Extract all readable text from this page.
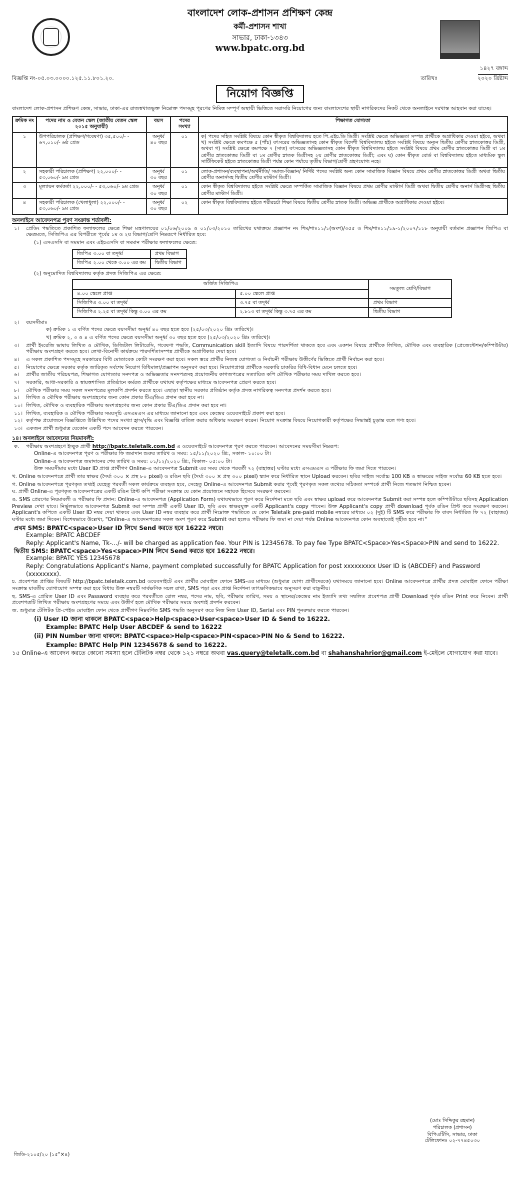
বাংলাদেশ লোক-প্রশাসন প্রশিক্ষণ কেন্দ্র
কর্মী-প্রশাসন শাখা
সাভার, ঢাকা-১৩৪৩
www.bpatc.org.bd
বিজ্ঞপ্তি নং-০৫.০৩.০০০০.১২৫.১১.৮০১.২০.	তারিখঃ
১৪২৭ বঙ্গাব্দ
২০২০ খ্রিষ্টাব্দ
নিয়োগ বিজ্ঞপ্তি

বাংলাদেশ লোক-প্রশাসন প্রশিক্ষণ কেন্দ্র, সাভার, ঢাকা-এর রাজস্বখাতভুক্ত নিম্নোক্ত পদসমূহ পূরণের নিমিত্ত সম্পূর্ণ অস্থায়ী ভিত্তিতে সরাসরি নিয়োগের জন্য বাংলাদেশের স্থায়ী নাগরিকদের নিকট থেকে অনলাইনে দরখাস্ত আহবান করা যাচ্ছে।

ক্রমিক নং	পদের নাম ও বেতন স্কেল (জাতীয় বেতন স্কেল ২০১৫ অনুযায়ী)	বয়স	পদের সংখ্যা	শিক্ষাগত যোগ্যতা
১	উপপরিচালক (প্রশিক্ষণ/গবেষণা) ৩৫,৫০০/- - ৬৭,০১০/- ৬ষ্ঠ গ্রেড	অনূর্ধ্ব ৪০ বছর	০১	ক) পদের সহিত সংশ্লিষ্ট বিষয়ে কোন স্বীকৃত বিশ্ববিদ্যালয় হতে পি.এইচ.ডি ডিগ্রী। সংশ্লিষ্ট ক্ষেত্রে অভিজ্ঞতা সম্পন্ন প্রার্থীকে অগ্রাধিকার দেওয়া হইবে, অথবা খ) সংশ্লিষ্ট ক্ষেত্রে কমপক্ষে ৫ (পাঁচ) বৎসরের অভিজ্ঞতাসহ কোন স্বীকৃত বিদেশী বিশ্ববিদ্যালয় হইতে সংশ্লিষ্ট বিষয়ে অন্যূন দ্বিতীয় শ্রেণীর স্নাতকোত্তর ডিগ্রী, অথবা গ) সংশ্লিষ্ট ক্ষেত্রে কমপক্ষে ৭ (সাত) বৎসরের অভিজ্ঞতাসহ কোন স্বীকৃত বিশ্ববিদ্যালয় হইতে সংশ্লিষ্ট বিষয়ে প্রথম শ্রেণীর স্নাতকোত্তর ডিগ্রী বা ১ম শ্রেণীর স্নাতকোত্তর ডিগ্রী বা ১ম শ্রেণীর স্নাতক ডিগ্রীসহ ২য় শ্রেণীর স্নাতকোত্তর ডিগ্রী; এবং ঘ) কোন স্বীকৃত বোর্ড বা বিশ্ববিদ্যালয় হইতে মাধ্যমিক স্কুল সার্টিফিকেট হইতে স্নাতকোত্তর ডিগ্রী পর্যন্ত কোন পর্যায়ে তৃতীয় বিভাগ/শ্রেণী গ্রহণযোগ্য নহে।
২	সহকারী পরিচালক (প্রশিক্ষণ) ২২,০০০/- - ৫৩,০৬০/- ৯ম গ্রেড	অনূর্ধ্ব ৩০ বছর	০১	লোক-প্রশাসন/ব্যবস্থাপনা/অর্থনীতি/ সমাজ-বিজ্ঞান/ নির্দিষ্ট পদের সংশ্লিষ্ট অন্য কোন সামাজিক বিজ্ঞান বিষয়ে প্রথম শ্রেণীর স্নাতকোত্তর ডিগ্রী অথবা দ্বিতীয় শ্রেণীর অনার্সসহ দ্বিতীয় শ্রেণীর মাস্টার্স ডিগ্রী।
৩	মূল্যায়ন কর্মকর্তা ২২,০০০/- - ৫৩,০৬০/- ৯ম গ্রেড	অনূর্ধ্ব ৩০ বছর	০১	কোন স্বীকৃত বিশ্ববিদ্যালয় হইতে সংশ্লিষ্ট ক্ষেত্রে সম্পর্কিত সামাজিক বিজ্ঞান বিষয়ে প্রথম শ্রেণীর মাস্টার্স ডিগ্রী অথবা দ্বিতীয় শ্রেণীর অনার্স ডিগ্রীসহ দ্বিতীয় শ্রেণীর মাস্টার্স ডিগ্রী।
৪	সহকারী পরিচালক (খেলাধুলা) ২২,০০০/- - ৫৩,০৬০/- ৯ম গ্রেড	অনূর্ধ্ব ৩০ বছর	০২	কোন স্বীকৃত বিশ্ববিদ্যালয় হইতে শরীরচর্চা শিক্ষা বিষয়ে দ্বিতীয় শ্রেণীর স্নাতক ডিগ্রী। অভিজ্ঞ প্রার্থীকে অগ্রাধিকার দেওয়া হইবে।
অনলাইনে আবেদনপত্র পূরণ সংক্রান্ত শর্তাবলী:
১।	প্রেডিং পদ্ধতিতে প্রকাশিত ফলাফলের ক্ষেত্রে শিক্ষা মন্ত্রণালয়ের ০১/০৬/২০০৯ ও ০১/০৩/২০১০ তারিখের যথাক্রমে প্রজ্ঞাপন নং শিম/শাঃ১১/১(অংশ)/৩৫৫ ও শিম/শাঃ১১/১৯-১/২০০৭/১১৮ অনুযায়ী বর্তমান প্রজ্ঞাপন জিপিএ বা ক্ষেত্রমতে, সিজিপিএ এর বিপরীতে পূর্বের ১ম ও ২য় বিভাগ/শ্রেণি নিম্নরূপে নির্ধারিত হবে:
(১) এসএসসি বা সমমান এবং এইচএসসি বা সমমান পরীক্ষার ফলাফলের ক্ষেত্রে:
জিপিএ ৩.০০ বা তদূর্ধ্ব	প্রথম বিভাগ
জিপিএ ২.০০ থেকে ৩.০০ এর কম	দ্বিতীয় বিভাগ
(২) অনুমোদিত বিশ্ববিদ্যালয় কর্তৃক প্রদত্ত সিজিপিএ এর ক্ষেত্রে:
অর্জিত সিজিপিএ		সমতুল্য শ্রেণি/বিভাগ
৪.০০ স্কেলে প্রাপ্ত	৫.০০ স্কেলে প্রাপ্ত	
সিজিপিএ ৩.০০ বা তদূর্ধ্ব	৩.৭৫ বা তদূর্ধ্ব	প্রথম বিভাগ
সিজিপিএ ২.২৫ বা তদূর্ধ্ব কিন্তু ৩.০০ এর কম	২.৮১৩ বা তদূর্ধ্ব কিন্তু ৩.৭৫ এর কম	দ্বিতীয় বিভাগ
২।	বয়সসীমাঃ
ক) ক্রমিক ১ এ বর্ণিত পদের ক্ষেত্রে বয়সসীমা অনূর্ধ্ব ৪০ বছর হতে হবে (২৫/০৩/২০২০ খ্রিঃ তারিখে)।
খ) ক্রমিক ২, ৩ ও ৪ এ বর্ণিত পদের ক্ষেত্রে বয়সসীমা অনূর্ধ্ব ৩০ বছর হতে হবে (২৫/০৩/২০২০ খ্রিঃ তারিখে)।
৩।	প্রার্থী ইংরেজি ভাষায় লিখিত ও মৌখিক, ডিজিটাল লিটারেসি, গবেষণা পদ্ধতি, Communication skill ইত্যাদি বিষয়ে পারদর্শিতা থাকতে হবে এবং একশন বিষয়ে প্রার্থীকে লিখিত, মৌখিক এবং ব্যবহারিক (প্রেজেন্টেশন/কম্পিউটার) পরীক্ষায় অংশগ্রহণ করতে হবে। লেখা-বিনোদী কার্যক্রমে পারদর্শিতাসম্পন্ন প্রার্থীকে অগ্রাধিকার দেয়া হবে।
৪।	এ সকল প্রকাশিত পদসমূহে সরকারের বিধি মোতাবেক কোটা সংরক্ষণ করা হবে। সকল স্তরে প্রার্থীর নিজস্ব যোগ্যতা ও নির্বাচনী পরীক্ষায় উত্তীর্ণের ভিত্তিতে প্রার্থী নির্বাচন করা হবে।
৫।	নিয়োগের ক্ষেত্রে সরকার কর্তৃক জারিকৃত সর্বশেষ নিয়োগ বিধিমালা/প্রজ্ঞাপন অনুসরণ করা হবে। নিয়োগপ্রাপ্ত প্রার্থীকে সরকারি চাকরির বিধি-বিধান মেনে চলতে হবে।
৬।	প্রার্থীর জাতীয় পরিচয়পত্র, শিক্ষাগত যোগ্যতার সনদপত্র ও অভিজ্ঞতার সনদপত্রসহ প্রয়োজনীয় কাগজপত্রের সত্যায়িত কপি মৌখিক পরীক্ষার সময় দাখিল করতে হবে।
৭।	সরকারি, আধা-সরকারি ও স্বায়ত্তশাসিত প্রতিষ্ঠানে কর্মরত প্রার্থীকে যথাযথ কর্তৃপক্ষের মাধ্যমে আবেদনপত্র প্রেরণ করতে হবে।
৮।	মৌখিক পরীক্ষার সময় সকল সনদপত্রের মূলকপি প্রদর্শন করতে হবে। এছাড়া স্থানীয় সরকার প্রতিষ্ঠান কর্তৃক প্রদত্ত নাগরিকত্ব সনদপত্র প্রদর্শন করতে হবে।
৯।	লিখিত ও মৌখিক পরীক্ষায় অংশগ্রহণের জন্য কোন প্রকার টিএ/ডিএ প্রদান করা হবে না।
১০। লিখিত, মৌখিক ও ব্যবহারিক পরীক্ষায় অংশগ্রহণের জন্য কোন প্রকার টিএ/ডিএ প্রদান করা হবে না।
১১। লিখিত, ব্যবহারিক ও মৌখিক পরীক্ষার সময়সূচি এসএমএস এর মাধ্যমে জানানো হবে এবং কেন্দ্রের ওয়েবসাইটে প্রকাশ করা হবে।
১২। কর্তৃপক্ষ প্রয়োজনে বিজ্ঞপ্তিতে উল্লিখিত পদের সংখ্যা হ্রাস/বৃদ্ধি এবং বিজ্ঞপ্তি বাতিল করার অধিকার সংরক্ষণ করেন। নিয়োগ সংক্রান্ত বিষয়ে নিয়োগকারী কর্তৃপক্ষের সিদ্ধান্তই চূড়ান্ত বলে গণ্য হবে।
১৩। একজন প্রার্থী শুধুমাত্র যেকোন একটি পদে আবেদন করতে পারবেন।
১৪। অনলাইনে আবেদনের নিয়মাবলী:
ক.	পরীক্ষায় অংশগ্রহণে ইচ্ছুক প্রার্থী http://bpatc.teletalk.com.bd এ ওয়েবসাইটে আবেদনপত্র পূরণ করতে পারবেন। আবেদনের সময়সীমা নিম্নরূপ:
Online-এ আবেদনপত্র পূরণ ও পরীক্ষার ফি জমাদান শুরুর তারিখ ও সময়: ১৫/১১/২০২০ খ্রি:, সকাল- ১০:০০ টা।
Online-এ আবেদনপত্র জমাদানের শেষ তারিখ ও সময়: ০১/১২/২০২০ খ্রি:, বিকাল- ০৫:০০ টা।
উক্ত সময়সীমার মধ্যে User ID প্রাপ্ত প্রার্থীগণ Online-এ আবেদনপত্র Submit এর সময় থেকে পরবর্তী ৭২ (বাহাত্তর) ঘণ্টার মধ্যে এসএমএস এ পরীক্ষার ফি জমা দিতে পারবেন।
খ. Online আবেদনপত্রে প্রার্থী তার স্বাক্ষর (দৈর্ঘ্য ৩০০ × প্রস্থ ৮০ pixel) ও রঙিন ছবি (দৈর্ঘ্য ৩০০ × প্রস্থ ৩০০ pixel) স্ক্যান করে নির্ধারিত স্থানে Upload করবেন। ছবির সাইজ সর্বোচ্চ 100 KB ও স্বাক্ষরের সাইজ সর্বোচ্চ 60 KB হতে হবে।
গ. Online আবেদনপত্রে পূরণকৃত তথ্যই যেহেতু পরবর্তী সকল কার্যক্রমে ব্যবহৃত হবে, সেহেতু Online-এ আবেদনপত্র Submit করার পূর্বেই পূরণকৃত সকল তথ্যের সঠিকতা সম্পর্কে প্রার্থী নিজে শতভাগ নিশ্চিত হবেন।
ঘ. প্রার্থী Online-এ পূরণকৃত আবেদনপত্রের একটি রঙিন প্রিন্ট কপি পরীক্ষা সংক্রান্ত যে কোন প্রয়োজনে সহায়ক হিসেবে সংরক্ষণ করবেন।
ঙ. SMS প্রেরণের নিয়মাবলী ও পরীক্ষার ফি প্রদান: Online-এ আবেদনপত্র (Application Form) যথাযথভাবে পূরণ করে নির্দেশনা মতে ছবি এবং স্বাক্ষর upload করে আবেদনপত্র Submit করা সম্পন্ন হলে কম্পিউটারে ছবিসহ Application Preview দেখা যাবে। নির্ভুলভাবে আবেদনপত্র Submit করা সম্পন্ন প্রার্থী একটি User ID, ছবি এবং স্বাক্ষরযুক্ত একটি Applicant's copy পাবেন। উক্ত Applicant's copy প্রার্থী download পূর্বক রঙিন প্রিন্ট করে সংরক্ষণ করবেন। Applicant's কপিতে একটি User ID নম্বর দেয়া থাকবে এবং User ID নম্বর ব্যবহার করে প্রার্থী নিম্নোক্ত পদ্ধতিতে যে কোন Teletalk pre-paid mobile নম্বরের মাধ্যমে ০২ (দুই) টি SMS করে পরীক্ষার ফি বাবদ নির্ধারিত ফি ৭২ (বাহাত্তর) ঘণ্টার মধ্যে জমা দিবেন। বিশেষভাবে উল্লেখ্য, "Online-এ আবেদনপত্রের সকল অংশ পূরণ করে Submit করা হলেও পরীক্ষার ফি জমা না দেয়া পর্যন্ত Online আবেদনপত্র কোন অবস্থাতেই গৃহীত হবে না।"
প্রথম SMS: BPATC<space>User ID লিখে Send করতে হবে 16222 নম্বরে।
Example: BPATC ABCDEF
Reply: Applicant's Name, Tk-.../- will be charged as application fee. Your PIN is 12345678. To pay fee Type BPATC<Space>Yes<Space>PIN and send to 16222.
দ্বিতীয় SMS: BPATC<space>Yes<space>PIN লিখে Send করতে হবে 16222 নম্বরে।
Example: BPATC YES 12345678
Reply: Congratulations Applicant's Name, payment completed successfully for BPATC Application for post xxxxxxxxx User ID is (ABCDEF) and Password (xxxxxxxx).
চ. প্রবেশপত্র প্রাপ্তির বিষয়টি http://bpatc.teletalk.com.bd ওয়েবসাইটে এবং প্রার্থীর মোবাইল ফোনে SMS-এর মাধ্যমে (শুধুমাত্র যোগ্য প্রার্থীদেরকে) যথাসময়ে জানানো হবে। Online আবেদনপত্রে প্রার্থীর প্রদত্ত মোবাইল ফোনে পরীক্ষা সংক্রান্ত যাবতীয় যোগাযোগ সম্পন্ন করা হবে বিধায় উক্ত নম্বরটি সার্বক্ষণিক সচল রাখা, SMS পড়া এবং প্রাপ্ত নির্দেশনা তাৎক্ষণিকভাবে অনুসরণ করা বাঞ্ছনীয়।
ছ. SMS-এ প্রেরিত User ID এবং Password ব্যবহার করে পরবর্তীতে রোল নম্বর, পদের নাম, ছবি, পরীক্ষার তারিখ, সময় ও স্থানের/কেন্দ্রের নাম ইত্যাদি তথ্য সম্বলিত প্রবেশপত্র প্রার্থী Download পূর্বক রঙিন Print করে নিবেন। প্রার্থী প্রবেশপত্রটি লিখিত পরীক্ষায় অংশগ্রহণের সময়ে এবং উত্তীর্ণ হলে মৌখিক পরীক্ষার সময়ে অবশ্যই প্রদর্শন করবেন।
জ. শুধুমাত্র টেলিটক প্রি-পেইড মোবাইল ফোন থেকে প্রার্থীগণ নিম্নবর্ণিত SMS পদ্ধতি অনুসরণ করে নিজ নিজ User ID, Serial এবং PIN পুনরুদ্ধার করতে পারবেন।
(i) User ID জানা থাকলে BPATC<space>Help<space>User<space>User ID & Send to 16222.
Example: BPATC Help User ABCDEF & send to 16222
(ii) PIN Number জানা থাকলে: BPATC<space>Help<space>PIN<space>PIN No & Send to 16222.
Example: BPATC Help PIN 12345678 & send to 16222.
১৫ Online-এ আবেদন করতে কোনো সমস্যা হলে টেলিটক নম্বর থেকে ১২১ নম্বরে অথবা vas.query@teletalk.com.bd বা shahanshahrior@gmail.com ই-মেইলে যোগাযোগ করা যাবে।
(মোঃ সিদ্দিকুর রহমান)
পরিচালক (প্রশাসন)
বিপিএটিসি, সাভার, ঢাকা
টেলিফোনঃ ০২-৭৭৪৫০৩০
জিডি-২১০৫/২০ (১৫"×৪)
